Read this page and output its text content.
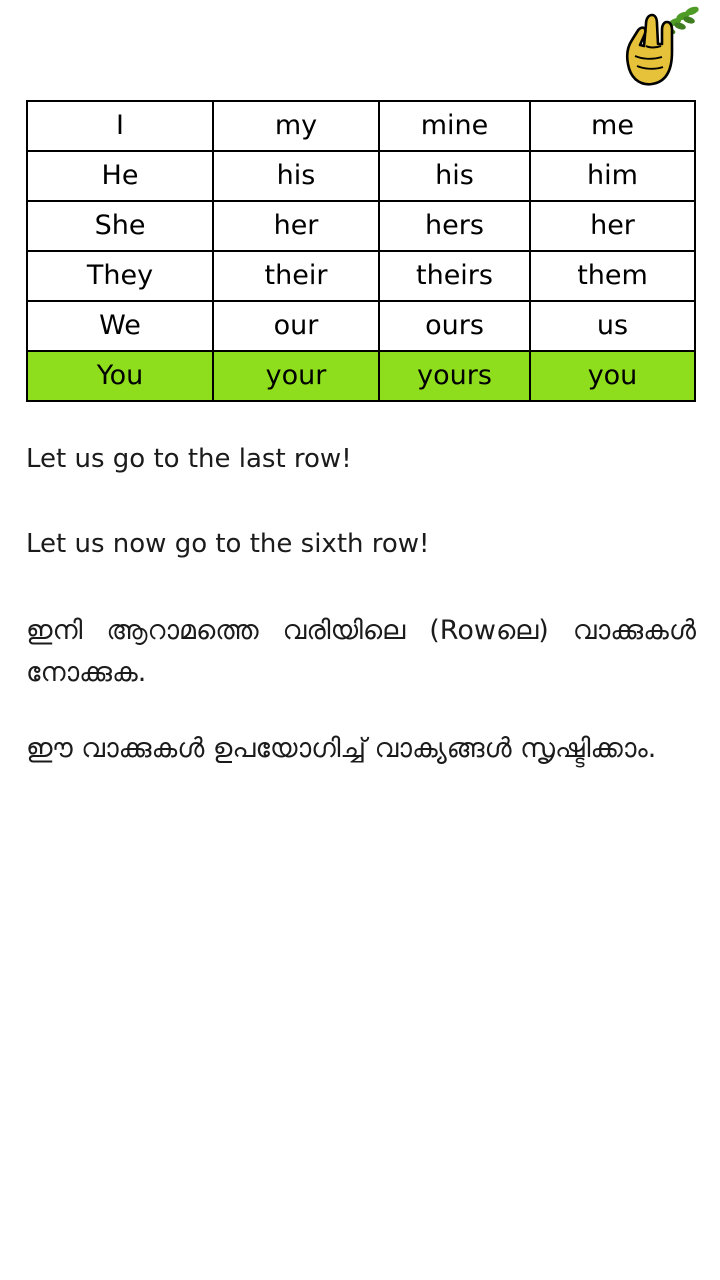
I	my	mine	me
He	his	his	him
She	her	hers	her
They	their	theirs	them
We	our	ours	us
You	your	yours	you

Let us go to the last row!

Let us now go to the sixth row!

ഇനി ആറാമത്തെ വരിയിലെ (Rowലെ) വാക്കുകൾ നോക്കുക.

ഈ വാക്കുകൾ ഉപയോഗിച്ച് വാക്യങ്ങൾ സൃഷ്ടിക്കാം.
